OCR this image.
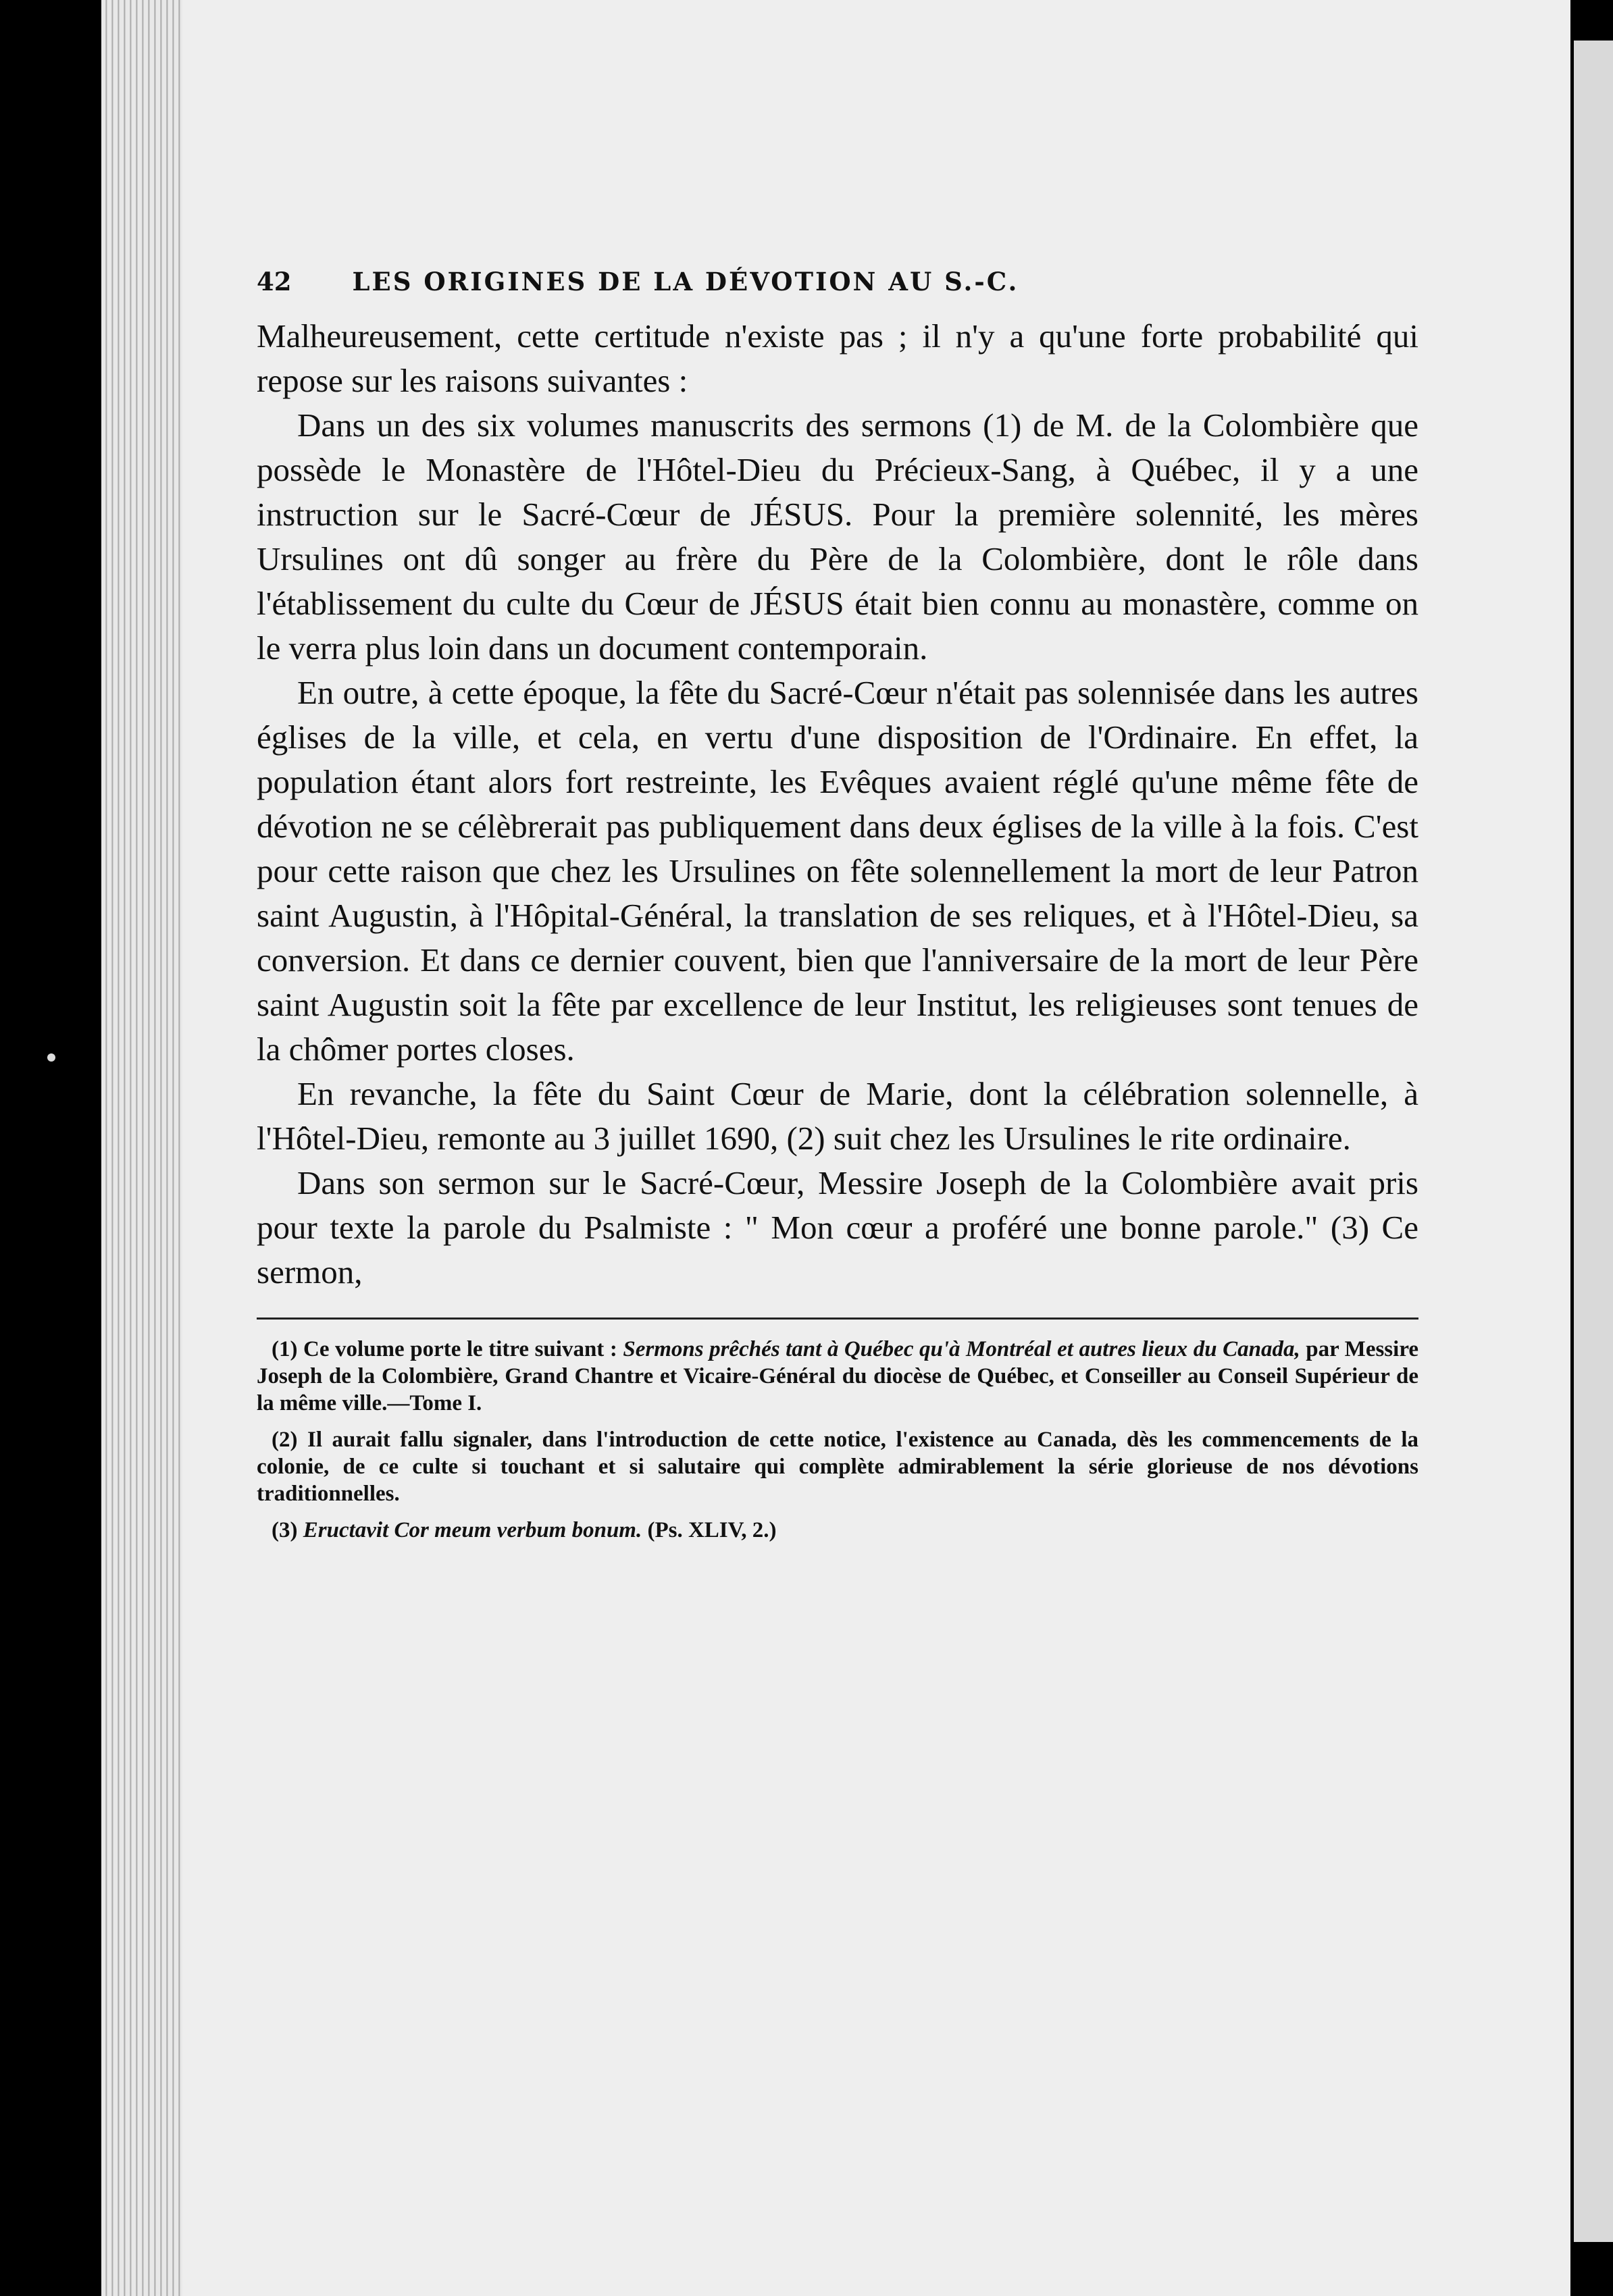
42 LES ORIGINES DE LA DÉVOTION AU S.-C.

Malheureusement, cette certitude n'existe pas ; il n'y a qu'une forte probabilité qui repose sur les raisons suivantes :

Dans un des six volumes manuscrits des sermons (1) de M. de la Colombière que possède le Monastère de l'Hôtel-Dieu du Précieux-Sang, à Québec, il y a une instruction sur le Sacré-Cœur de JÉSUS. Pour la première solennité, les mères Ursulines ont dû songer au frère du Père de la Colombière, dont le rôle dans l'établissement du culte du Cœur de JÉSUS était bien connu au monastère, comme on le verra plus loin dans un document contemporain.

En outre, à cette époque, la fête du Sacré-Cœur n'était pas solennisée dans les autres églises de la ville, et cela, en vertu d'une disposition de l'Ordinaire. En effet, la population étant alors fort restreinte, les Evêques avaient réglé qu'une même fête de dévotion ne se célèbrerait pas publiquement dans deux églises de la ville à la fois. C'est pour cette raison que chez les Ursulines on fête solennellement la mort de leur Patron saint Augustin, à l'Hôpital-Général, la translation de ses reliques, et à l'Hôtel-Dieu, sa conversion. Et dans ce dernier couvent, bien que l'anniversaire de la mort de leur Père saint Augustin soit la fête par excellence de leur Institut, les religieuses sont tenues de la chômer portes closes.

En revanche, la fête du Saint Cœur de Marie, dont la célébration solennelle, à l'Hôtel-Dieu, remonte au 3 juillet 1690, (2) suit chez les Ursulines le rite ordinaire.

Dans son sermon sur le Sacré-Cœur, Messire Joseph de la Colombière avait pris pour texte la parole du Psalmiste : " Mon cœur a proféré une bonne parole." (3) Ce sermon,

(1) Ce volume porte le titre suivant : Sermons prêchés tant à Québec qu'à Montréal et autres lieux du Canada, par Messire Joseph de la Colombière, Grand Chantre et Vicaire-Général du diocèse de Québec, et Conseiller au Conseil Supérieur de la même ville.—Tome I.

(2) Il aurait fallu signaler, dans l'introduction de cette notice, l'existence au Canada, dès les commencements de la colonie, de ce culte si touchant et si salutaire qui complète admirablement la série glorieuse de nos dévotions traditionnelles.

(3) Eructavit Cor meum verbum bonum. (Ps. XLIV, 2.)
